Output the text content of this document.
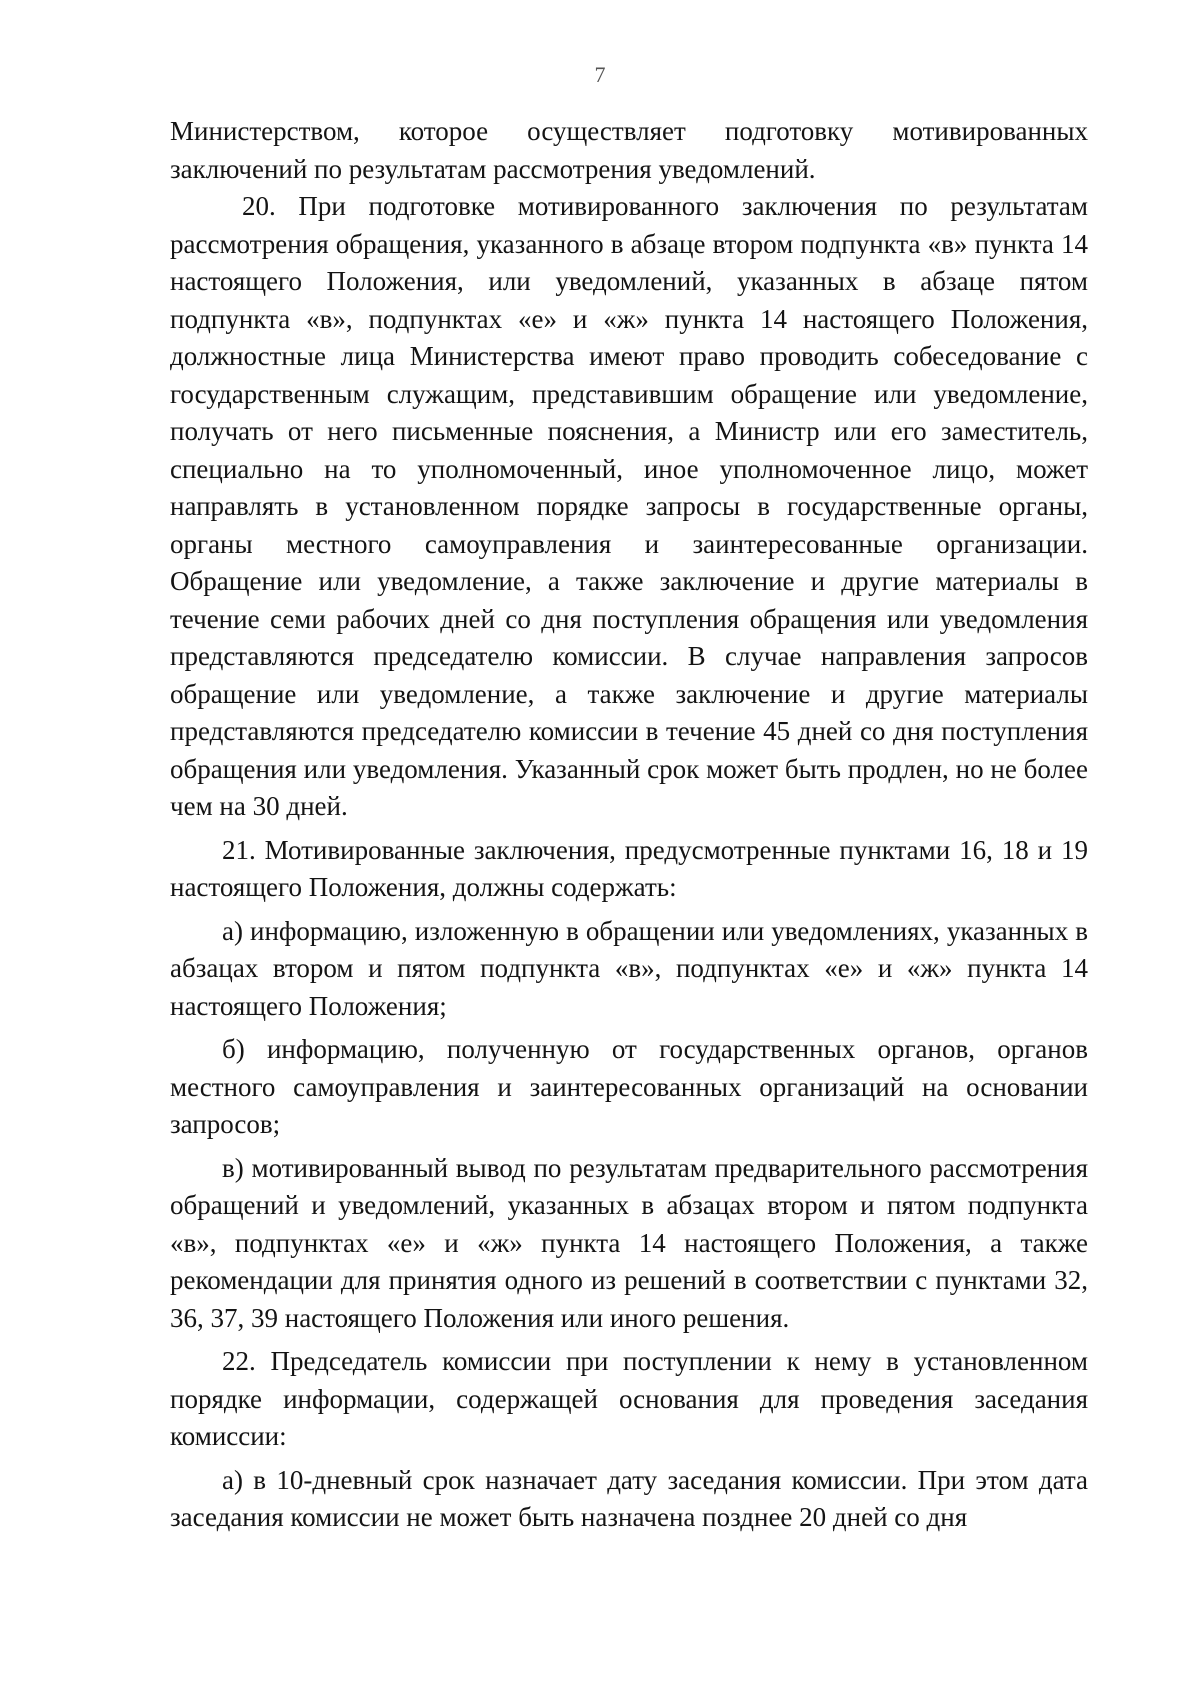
7

Министерством, которое осуществляет подготовку мотивированных заключений по результатам рассмотрения уведомлений.

20. При подготовке мотивированного заключения по результатам рассмотрения обращения, указанного в абзаце втором подпункта «в» пункта 14 настоящего Положения, или уведомлений, указанных в абзаце пятом подпункта «в», подпунктах «е» и «ж» пункта 14 настоящего Положения, должностные лица Министерства имеют право проводить собеседование с государственным служащим, представившим обращение или уведомление, получать от него письменные пояснения, а Министр или его заместитель, специально на то уполномоченный, иное уполномоченное лицо, может направлять в установленном порядке запросы в государственные органы, органы местного самоуправления и заинтересованные организации. Обращение или уведомление, а также заключение и другие материалы в течение семи рабочих дней со дня поступления обращения или уведомления представляются председателю комиссии. В случае направления запросов обращение или уведомление, а также заключение и другие материалы представляются председателю комиссии в течение 45 дней со дня поступления обращения или уведомления. Указанный срок может быть продлен, но не более чем на 30 дней.

21. Мотивированные заключения, предусмотренные пунктами 16, 18 и 19 настоящего Положения, должны содержать:

а) информацию, изложенную в обращении или уведомлениях, указанных в абзацах втором и пятом подпункта «в», подпунктах «е» и «ж» пункта 14 настоящего Положения;

б) информацию, полученную от государственных органов, органов местного самоуправления и заинтересованных организаций на основании запросов;

в) мотивированный вывод по результатам предварительного рассмотрения обращений и уведомлений, указанных в абзацах втором и пятом подпункта «в», подпунктах «е» и «ж» пункта 14 настоящего Положения, а также рекомендации для принятия одного из решений в соответствии с пунктами 32, 36, 37, 39 настоящего Положения или иного решения.

22. Председатель комиссии при поступлении к нему в установленном порядке информации, содержащей основания для проведения заседания комиссии:

а) в 10-дневный срок назначает дату заседания комиссии. При этом дата заседания комиссии не может быть назначена позднее 20 дней со дня
